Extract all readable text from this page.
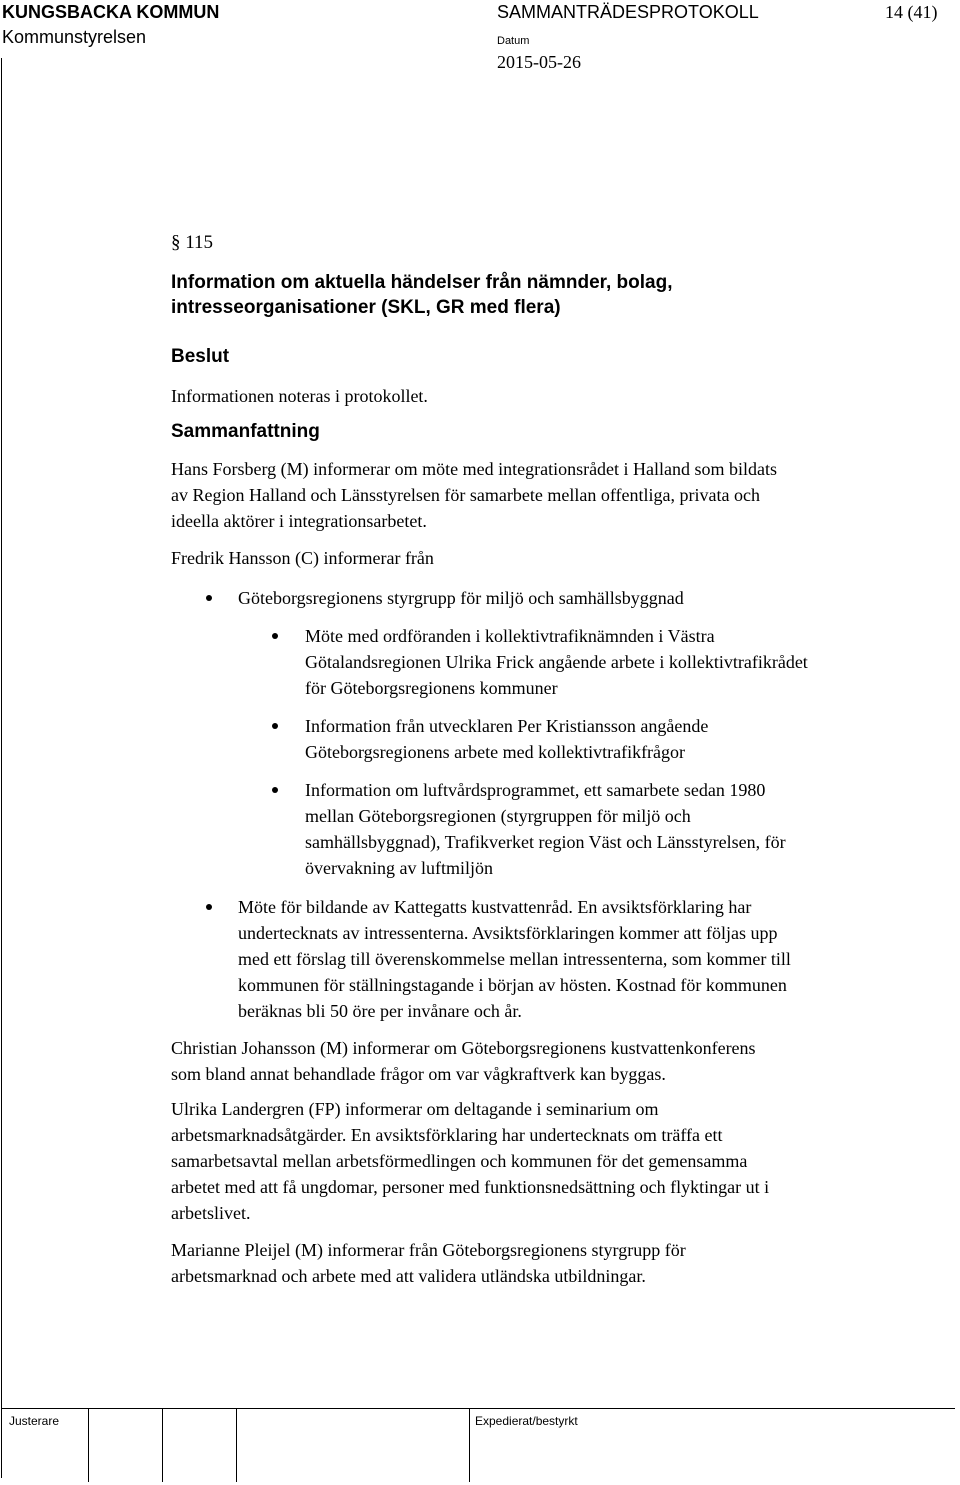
KUNGSBACKA KOMMUN
Kommunstyrelsen
SAMMANTRÄDESPROTOKOLL	14 (41)
Datum
2015-05-26
§ 115
Information om aktuella händelser från nämnder, bolag,
intresseorganisationer (SKL, GR med flera)
Beslut
Informationen noteras i protokollet.
Sammanfattning
Hans Forsberg (M) informerar om möte med integrationsrådet i Halland som bildats
av Region Halland och Länsstyrelsen för samarbete mellan offentliga, privata och
ideella aktörer i integrationsarbetet.
Fredrik Hansson (C) informerar från
Göteborgsregionens styrgrupp för miljö och samhällsbyggnad
Möte med ordföranden i kollektivtrafiknämnden i Västra
Götalandsregionen Ulrika Frick angående arbete i kollektivtrafikrådet
för Göteborgsregionens kommuner
Information från utvecklaren Per Kristiansson angående
Göteborgsregionens arbete med kollektivtrafikfrågor
Information om luftvårdsprogrammet, ett samarbete sedan 1980
mellan Göteborgsregionen (styrgruppen för miljö och
samhällsbyggnad), Trafikverket region Väst och Länsstyrelsen, för
övervakning av luftmiljön
Möte för bildande av Kattegatts kustvattenråd. En avsiktsförklaring har
undertecknats av intressenterna. Avsiktsförklaringen kommer att följas upp
med ett förslag till överenskommelse mellan intressenterna, som kommer till
kommunen för ställningstagande i början av hösten. Kostnad för kommunen
beräknas bli 50 öre per invånare och år.
Christian Johansson (M) informerar om Göteborgsregionens kustvattenkonferens
som bland annat behandlade frågor om var vågkraftverk kan byggas.
Ulrika Landergren (FP) informerar om deltagande i seminarium om
arbetsmarknadsåtgärder. En avsiktsförklaring har undertecknats om träffa ett
samarbetsavtal mellan arbetsförmedlingen och kommunen för det gemensamma
arbetet med att få ungdomar, personer med funktionsnedsättning och flyktingar ut i
arbetslivet.
Marianne Pleijel (M) informerar från Göteborgsregionens styrgrupp för
arbetsmarknad och arbete med att validera utländska utbildningar.
Justerare	Expedierat/bestyrkt
